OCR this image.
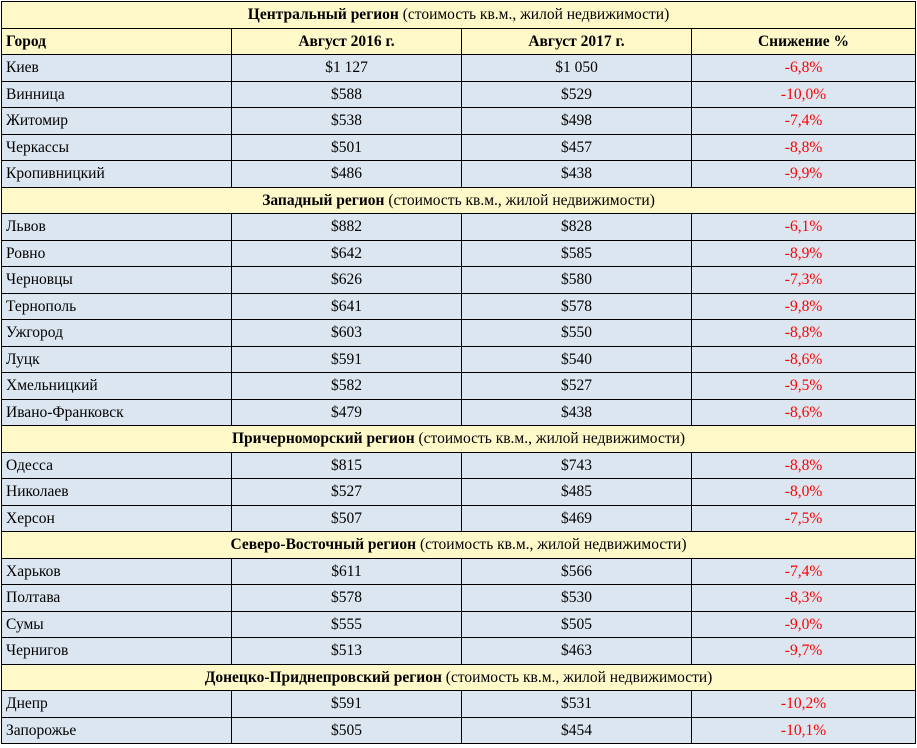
Центральный регион (стоимость кв.м., жилой недвижимости)			
Город	Август 2016 г.	Август 2017 г.	Снижение %
Киев	$1 127	$1 050	-6,8%
Винница	$588	$529	-10,0%
Житомир	$538	$498	-7,4%
Черкассы	$501	$457	-8,8%
Кропивницкий	$486	$438	-9,9%
Западный регион (стоимость кв.м., жилой недвижимости)			
Львов	$882	$828	-6,1%
Ровно	$642	$585	-8,9%
Черновцы	$626	$580	-7,3%
Тернополь	$641	$578	-9,8%
Ужгород	$603	$550	-8,8%
Луцк	$591	$540	-8,6%
Хмельницкий	$582	$527	-9,5%
Ивано-Франковск	$479	$438	-8,6%
Причерноморский регион (стоимость кв.м., жилой недвижимости)			
Одесса	$815	$743	-8,8%
Николаев	$527	$485	-8,0%
Херсон	$507	$469	-7,5%
Северо-Восточный регион (стоимость кв.м., жилой недвижимости)			
Харьков	$611	$566	-7,4%
Полтава	$578	$530	-8,3%
Сумы	$555	$505	-9,0%
Чернигов	$513	$463	-9,7%
Донецко-Приднепровский регион (стоимость кв.м., жилой недвижимости)			
Днепр	$591	$531	-10,2%
Запорожье	$505	$454	-10,1%
